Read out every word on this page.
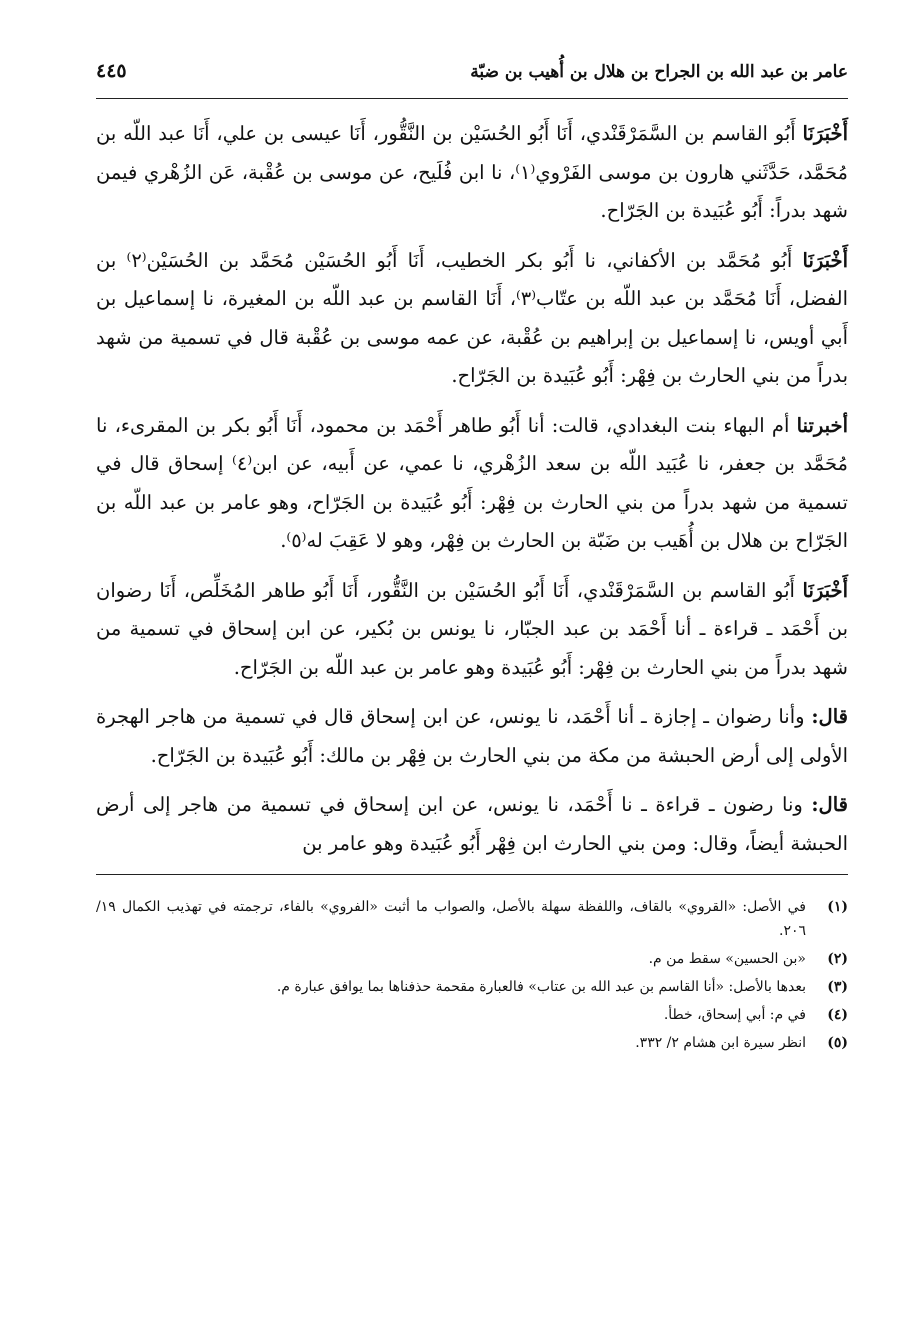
عامر بن عبد الله بن الجراح بن هلال بن أُهيب بن ضبّة
٤٤٥

أَخْبَرَنَا أَبُو القاسم بن السَّمَرْقَنْدي، أَنَا أَبُو الحُسَيْن بن النَّقُّور، أَنَا عيسى بن علي، أَنَا عبد اللّه بن مُحَمَّد، حَدَّثَني هارون بن موسى الفَرْوي⁽١⁾، نا ابن فُلَيح، عن موسى بن عُقْبة، عَن الزُهْري فيمن شهد بدراً: أَبُو عُبَيدة بن الجَرّاح.

أَخْبَرَنَا أَبُو مُحَمَّد بن الأكفاني، نا أَبُو بكر الخطيب، أَنَا أَبُو الحُسَيْن مُحَمَّد بن الحُسَيْن⁽٢⁾ بن الفضل، أَنَا مُحَمَّد بن عبد اللّه بن عتّاب⁽٣⁾، أَنَا القاسم بن عبد اللّه بن المغيرة، نا إسماعيل بن أَبي أويس، نا إسماعيل بن إبراهيم بن عُقْبة، عن عمه موسى بن عُقْبة قال في تسمية من شهد بدراً من بني الحارث بن فِهْر: أَبُو عُبَيدة بن الجَرّاح.

أخبرتنا أم البهاء بنت البغدادي، قالت: أنا أَبُو طاهر أَحْمَد بن محمود، أَنَا أَبُو بكر بن المقرىء، نا مُحَمَّد بن جعفر، نا عُبَيد اللّه بن سعد الزُهْري، نا عمي، عن أَبيه، عن ابن⁽٤⁾ إسحاق قال في تسمية من شهد بدراً من بني الحارث بن فِهْر: أَبُو عُبَيدة بن الجَرّاح، وهو عامر بن عبد اللّه بن الجَرّاح بن هلال بن أُهَيب بن ضَبّة بن الحارث بن فِهْر، وهو لا عَقِبَ له⁽٥⁾.

أَخْبَرَنَا أَبُو القاسم بن السَّمَرْقَنْدي، أَنَا أَبُو الحُسَيْن بن النَّقُّور، أَنَا أَبُو طاهر المُخَلِّص، أَنَا رضوان بن أَحْمَد ـ قراءة ـ أنا أَحْمَد بن عبد الجبّار، نا يونس بن بُكير، عن ابن إسحاق في تسمية من شهد بدراً من بني الحارث بن فِهْر: أَبُو عُبَيدة وهو عامر بن عبد اللّه بن الجَرّاح.

قال: وأنا رضوان ـ إجازة ـ أنا أَحْمَد، نا يونس، عن ابن إسحاق قال في تسمية من هاجر الهجرة الأولى إلى أرض الحبشة من مكة من بني الحارث بن فِهْر بن مالك: أَبُو عُبَيدة بن الجَرّاح.

قال: ونا رضون ـ قراءة ـ نا أَحْمَد، نا يونس، عن ابن إسحاق في تسمية من هاجر إلى أرض الحبشة أيضاً، وقال: ومن بني الحارث ابن فِهْر أَبُو عُبَيدة وهو عامر بن

(١)
في الأصل: «القروي» بالقاف، واللفظة سهلة بالأصل، والصواب ما أثبت «الفروي» بالفاء، ترجمته في تهذيب الكمال ١٩/ ٢٠٦.
(٢)
«بن الحسين» سقط من م.
(٣)
بعدها بالأصل: «أنا القاسم بن عبد الله بن عتاب» فالعبارة مقحمة حذفناها بما يوافق عبارة م.
(٤)
في م: أبي إسحاق، خطأ.
(٥)
انظر سيرة ابن هشام ٢/ ٣٣٢.
